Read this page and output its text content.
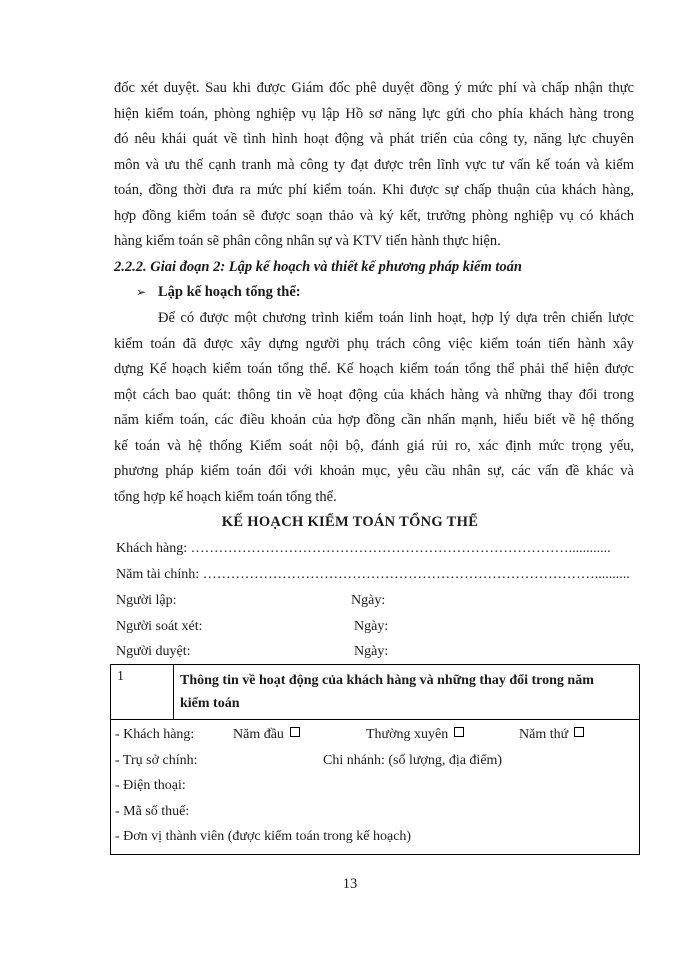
đốc xét duyệt. Sau khi được Giám đốc phê duyệt đồng ý mức phí và chấp nhận thực
hiện kiểm toán, phòng nghiệp vụ lập Hồ sơ năng lực gửi cho phía khách hàng trong
đó nêu khái quát về tình hình hoạt động và phát triển của công ty, năng lực chuyên
môn và ưu thế cạnh tranh mà công ty đạt được trên lĩnh vực tư vấn kế toán và kiểm
toán, đồng thời đưa ra mức phí kiểm toán. Khi được sự chấp thuận của khách hàng,
hợp đồng kiểm toán sẽ được soạn thảo và ký kết, trưởng phòng nghiệp vụ có khách
hàng kiểm toán sẽ phân công nhân sự và KTV tiến hành thực hiện.
2.2.2. Giai đoạn 2: Lập kế hoạch và thiết kế phương pháp kiểm toán
➢ Lập kế hoạch tổng thể:
Để có được một chương trình kiểm toán linh hoạt, hợp lý dựa trên chiến lược
kiểm toán đã được xây dựng người phụ trách công việc kiểm toán tiến hành xây
dựng Kế hoạch kiểm toán tổng thể. Kế hoạch kiểm toán tổng thể phải thể hiện được
một cách bao quát: thông tin về hoạt động của khách hàng và những thay đổi trong
năm kiểm toán, các điều khoản của hợp đồng cần nhấn mạnh, hiểu biết về hệ thống
kế toán và hệ thống Kiểm soát nội bộ, đánh giá rủi ro, xác định mức trọng yếu,
phương pháp kiểm toán đối với khoản mục, yêu cầu nhân sự, các vấn đề khác và
tổng hợp kế hoạch kiểm toán tổng thể.
KẾ HOẠCH KIỂM TOÁN TỔNG THỂ
Khách hàng: ………………………………………………………………………............
Năm tài chính: …………………………………………………………………………..........
Người lập:	Ngày:
Người soát xét:	Ngày:
Người duyệt:	Ngày:
1	Thông tin về hoạt động của khách hàng và những thay đổi trong năm
kiểm toán

- Khách hàng:	Năm đầu	Thường xuyên	Năm thứ
- Trụ sở chính:	Chi nhánh: (số lượng, địa điểm)
- Điện thoại:
- Mã số thuế:
- Đơn vị thành viên (được kiểm toán trong kế hoạch)
13
